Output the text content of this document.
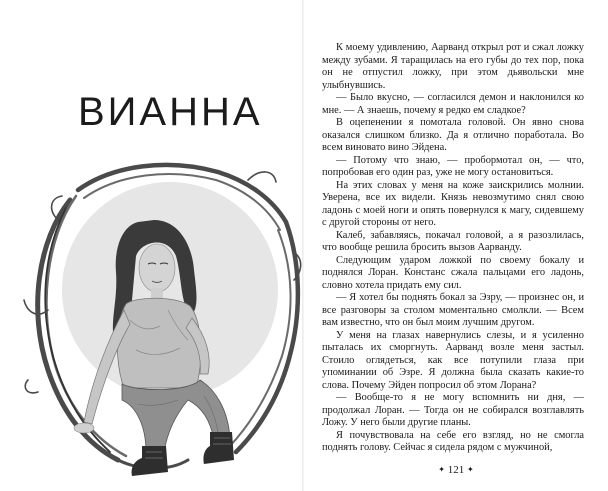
ВИАННА

К моему удивлению, Аарванд открыл рот и сжал ложку между зубами. Я таращилась на его губы до тех пор, пока он не отпустил ложку, при этом дьявольски мне улыбнувшись.

— Было вкусно, — согласился демон и наклонился ко мне. — А знаешь, почему я редко ем сладкое?

В оцепенении я помотала головой. Он явно снова оказался слишком близко. Да я отлично поработала. Во всем виновато вино Эйдена.

— Потому что знаю, — пробормотал он, — что, попробовав его один раз, уже не могу остановиться.

На этих словах у меня на коже заискрились молнии. Уверена, все их видели. Князь невозмутимо снял свою ладонь с моей ноги и опять повернулся к магу, сидевшему с другой стороны от него.

Калеб, забавляясь, покачал головой, а я разозлилась, что вообще решила бросить вызов Аарванду.

Следующим ударом ложкой по своему бокалу и поднялся Лоран. Констанс сжала пальцами его ладонь, словно хотела придать ему сил.

— Я хотел бы поднять бокал за Эзру, — произнес он, и все разговоры за столом моментально смолкли. — Всем вам известно, что он был моим лучшим другом.

У меня на глазах навернулись слезы, и я усиленно пыталась их сморгнуть. Аарванд возле меня застыл. Стоило оглядеться, как все потупили глаза при упоминании об Эзре. Я должна была сказать какие-то слова. Почему Эйден попросил об этом Лорана?

— Вообще-то я не могу вспомнить ни дня, — продолжал Лоран. — Тогда он не собирался возглавлять Ложу. У него были другие планы.

Я почувствовала на себе его взгляд, но не смогла поднять голову. Сейчас я сидела рядом с мужчиной,

✦ 121 ✦
